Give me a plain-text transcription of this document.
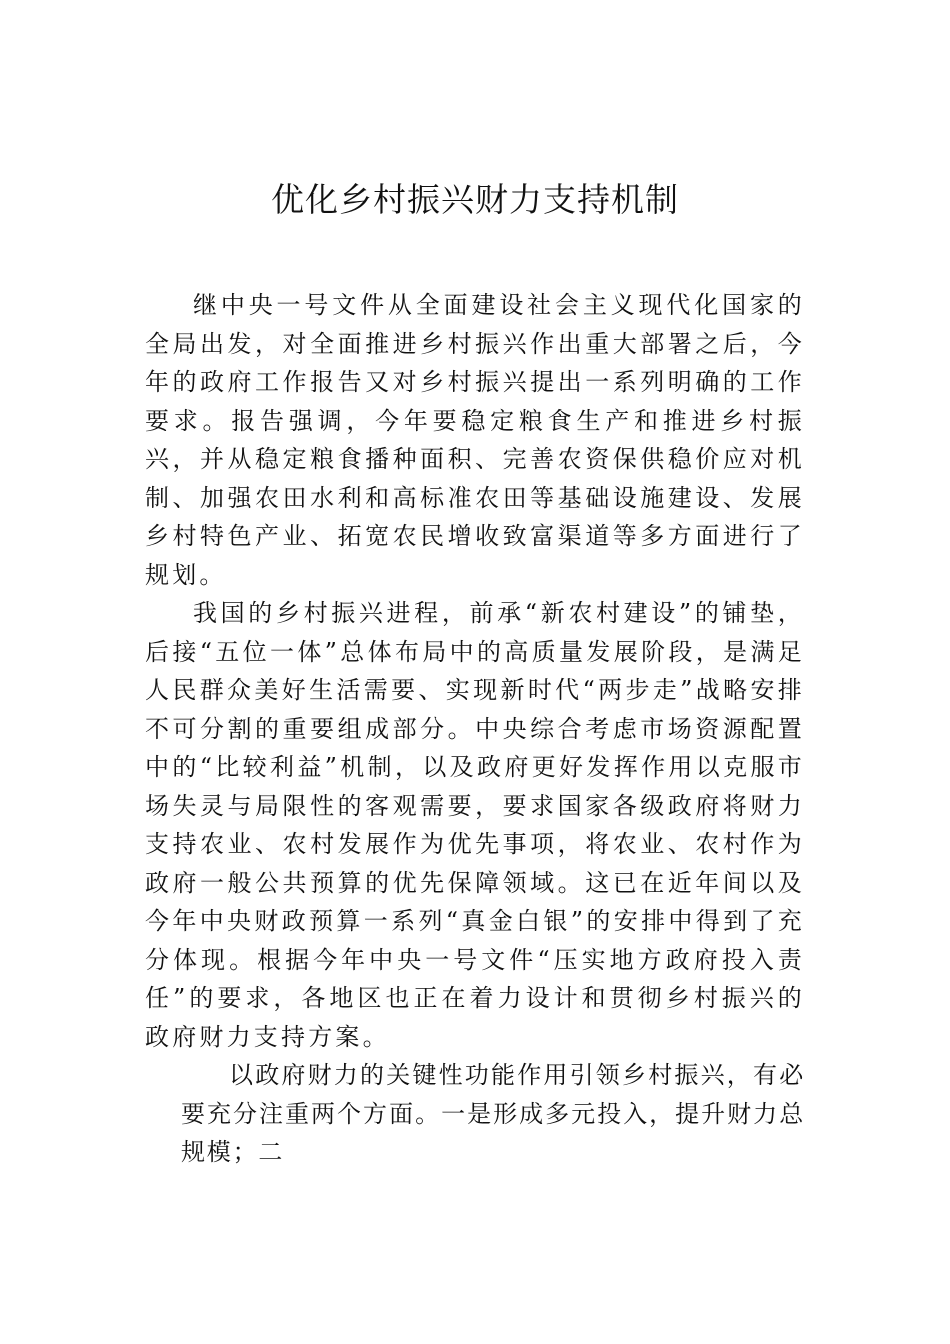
优化乡村振兴财力支持机制

继中央一号文件从全面建设社会主义现代化国家的全局出发，对全面推进乡村振兴作出重大部署之后，今年的政府工作报告又对乡村振兴提出一系列明确的工作要求。报告强调，今年要稳定粮食生产和推进乡村振兴，并从稳定粮食播种面积、完善农资保供稳价应对机制、加强农田水利和高标准农田等基础设施建设、发展乡村特色产业、拓宽农民增收致富渠道等多方面进行了规划。

我国的乡村振兴进程，前承“新农村建设”的铺垫，后接“五位一体”总体布局中的高质量发展阶段，是满足人民群众美好生活需要、实现新时代“两步走”战略安排不可分割的重要组成部分。中央综合考虑市场资源配置中的“比较利益”机制，以及政府更好发挥作用以克服市场失灵与局限性的客观需要，要求国家各级政府将财力支持农业、农村发展作为优先事项，将农业、农村作为政府一般公共预算的优先保障领域。这已在近年间以及今年中央财政预算一系列“真金白银”的安排中得到了充分体现。根据今年中央一号文件“压实地方政府投入责任”的要求，各地区也正在着力设计和贯彻乡村振兴的政府财力支持方案。

以政府财力的关键性功能作用引领乡村振兴，有必要充分注重两个方面。一是形成多元投入，提升财力总规模；二
